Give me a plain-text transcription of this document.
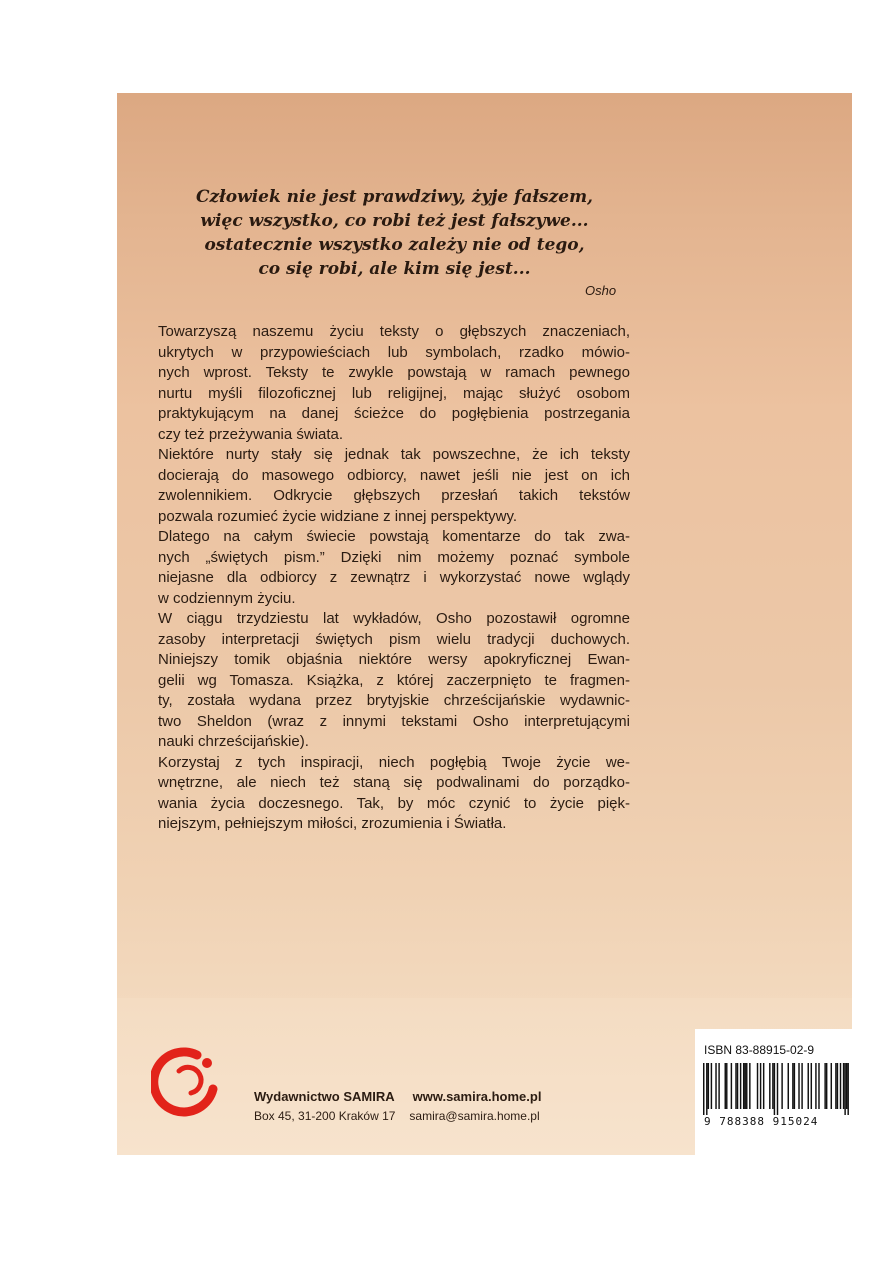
Człowiek nie jest prawdziwy, żyje fałszem,
więc wszystko, co robi też jest fałszywe...
ostatecznie wszystko zależy nie od tego,
co się robi, ale kim się jest...
Osho
Towarzyszą naszemu życiu teksty o głębszych znaczeniach,
ukrytych w przypowieściach lub symbolach, rzadko mówio-
nych wprost. Teksty te zwykle powstają w ramach pewnego
nurtu myśli filozoficznej lub religijnej, mając służyć osobom
praktykującym na danej ścieżce do pogłębienia postrzegania
czy też przeżywania świata.
Niektóre nurty stały się jednak tak powszechne, że ich teksty
docierają do masowego odbiorcy, nawet jeśli nie jest on ich
zwolennikiem. Odkrycie głębszych przesłań takich tekstów
pozwala rozumieć życie widziane z innej perspektywy.
Dlatego na całym świecie powstają komentarze do tak zwa-
nych „świętych pism.” Dzięki nim możemy poznać symbole
niejasne dla odbiorcy z zewnątrz i wykorzystać nowe wglądy
w codziennym życiu.
W ciągu trzydziestu lat wykładów, Osho pozostawił ogromne
zasoby interpretacji świętych pism wielu tradycji duchowych.
Niniejszy tomik objaśnia niektóre wersy apokryficznej Ewan-
gelii wg Tomasza. Książka, z której zaczerpnięto te fragmen-
ty, została wydana przez brytyjskie chrześcijańskie wydawnic-
two Sheldon (wraz z innymi tekstami Osho interpretującymi
nauki chrześcijańskie).
Korzystaj z tych inspiracji, niech pogłębią Twoje życie we-
wnętrzne, ale niech też staną się podwalinami do porządko-
wania życia doczesnego. Tak, by móc czynić to życie pięk-
niejszym, pełniejszym miłości, zrozumienia i Światła.
Wydawnictwo SAMIRA www.samira.home.pl
Box 45, 31-200 Kraków 17 samira@samira.home.pl
ISBN 83-88915-02-9
9 788388 915024
